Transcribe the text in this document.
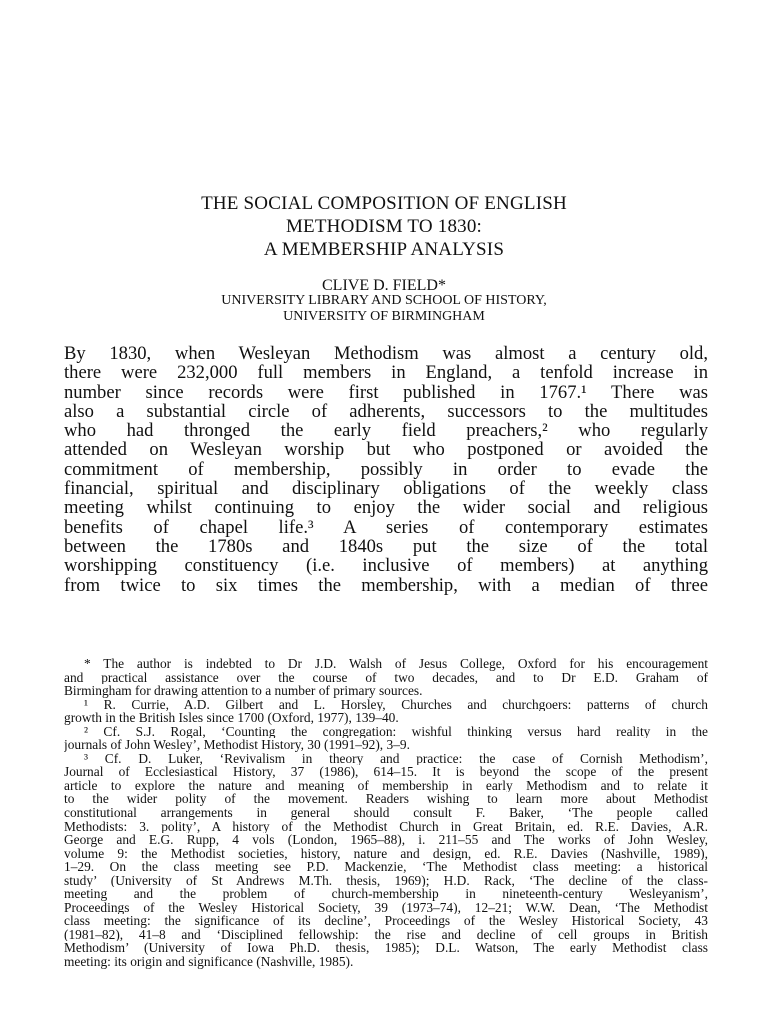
THE SOCIAL COMPOSITION OF ENGLISH
METHODISM TO 1830:
A MEMBERSHIP ANALYSIS
CLIVE D. FIELD*
UNIVERSITY LIBRARY AND SCHOOL OF HISTORY,
UNIVERSITY OF BIRMINGHAM
By 1830, when Wesleyan Methodism was almost a century old,
there were 232,000 full members in England, a tenfold increase in
number since records were first published in 1767.¹ There was
also a substantial circle of adherents, successors to the multitudes
who had thronged the early field preachers,² who regularly
attended on Wesleyan worship but who postponed or avoided the
commitment of membership, possibly in order to evade the
financial, spiritual and disciplinary obligations of the weekly class
meeting whilst continuing to enjoy the wider social and religious
benefits of chapel life.³ A series of contemporary estimates
between the 1780s and 1840s put the size of the total
worshipping constituency (i.e. inclusive of members) at anything
from twice to six times the membership, with a median of three
* The author is indebted to Dr J.D. Walsh of Jesus College, Oxford for his encouragement
and practical assistance over the course of two decades, and to Dr E.D. Graham of
Birmingham for drawing attention to a number of primary sources.
¹ R. Currie, A.D. Gilbert and L. Horsley, Churches and churchgoers: patterns of church
growth in the British Isles since 1700 (Oxford, 1977), 139–40.
² Cf. S.J. Rogal, ‘Counting the congregation: wishful thinking versus hard reality in the
journals of John Wesley’, Methodist History, 30 (1991–92), 3–9.
³ Cf. D. Luker, ‘Revivalism in theory and practice: the case of Cornish Methodism’,
Journal of Ecclesiastical History, 37 (1986), 614–15. It is beyond the scope of the present
article to explore the nature and meaning of membership in early Methodism and to relate it
to the wider polity of the movement. Readers wishing to learn more about Methodist
constitutional arrangements in general should consult F. Baker, ‘The people called
Methodists: 3. polity’, A history of the Methodist Church in Great Britain, ed. R.E. Davies, A.R.
George and E.G. Rupp, 4 vols (London, 1965–88), i. 211–55 and The works of John Wesley,
volume 9: the Methodist societies, history, nature and design, ed. R.E. Davies (Nashville, 1989),
1–29. On the class meeting see P.D. Mackenzie, ‘The Methodist class meeting: a historical
study’ (University of St Andrews M.Th. thesis, 1969); H.D. Rack, ‘The decline of the class-
meeting and the problem of church-membership in nineteenth-century Wesleyanism’,
Proceedings of the Wesley Historical Society, 39 (1973–74), 12–21; W.W. Dean, ‘The Methodist
class meeting: the significance of its decline’, Proceedings of the Wesley Historical Society, 43
(1981–82), 41–8 and ‘Disciplined fellowship: the rise and decline of cell groups in British
Methodism’ (University of Iowa Ph.D. thesis, 1985); D.L. Watson, The early Methodist class
meeting: its origin and significance (Nashville, 1985).
